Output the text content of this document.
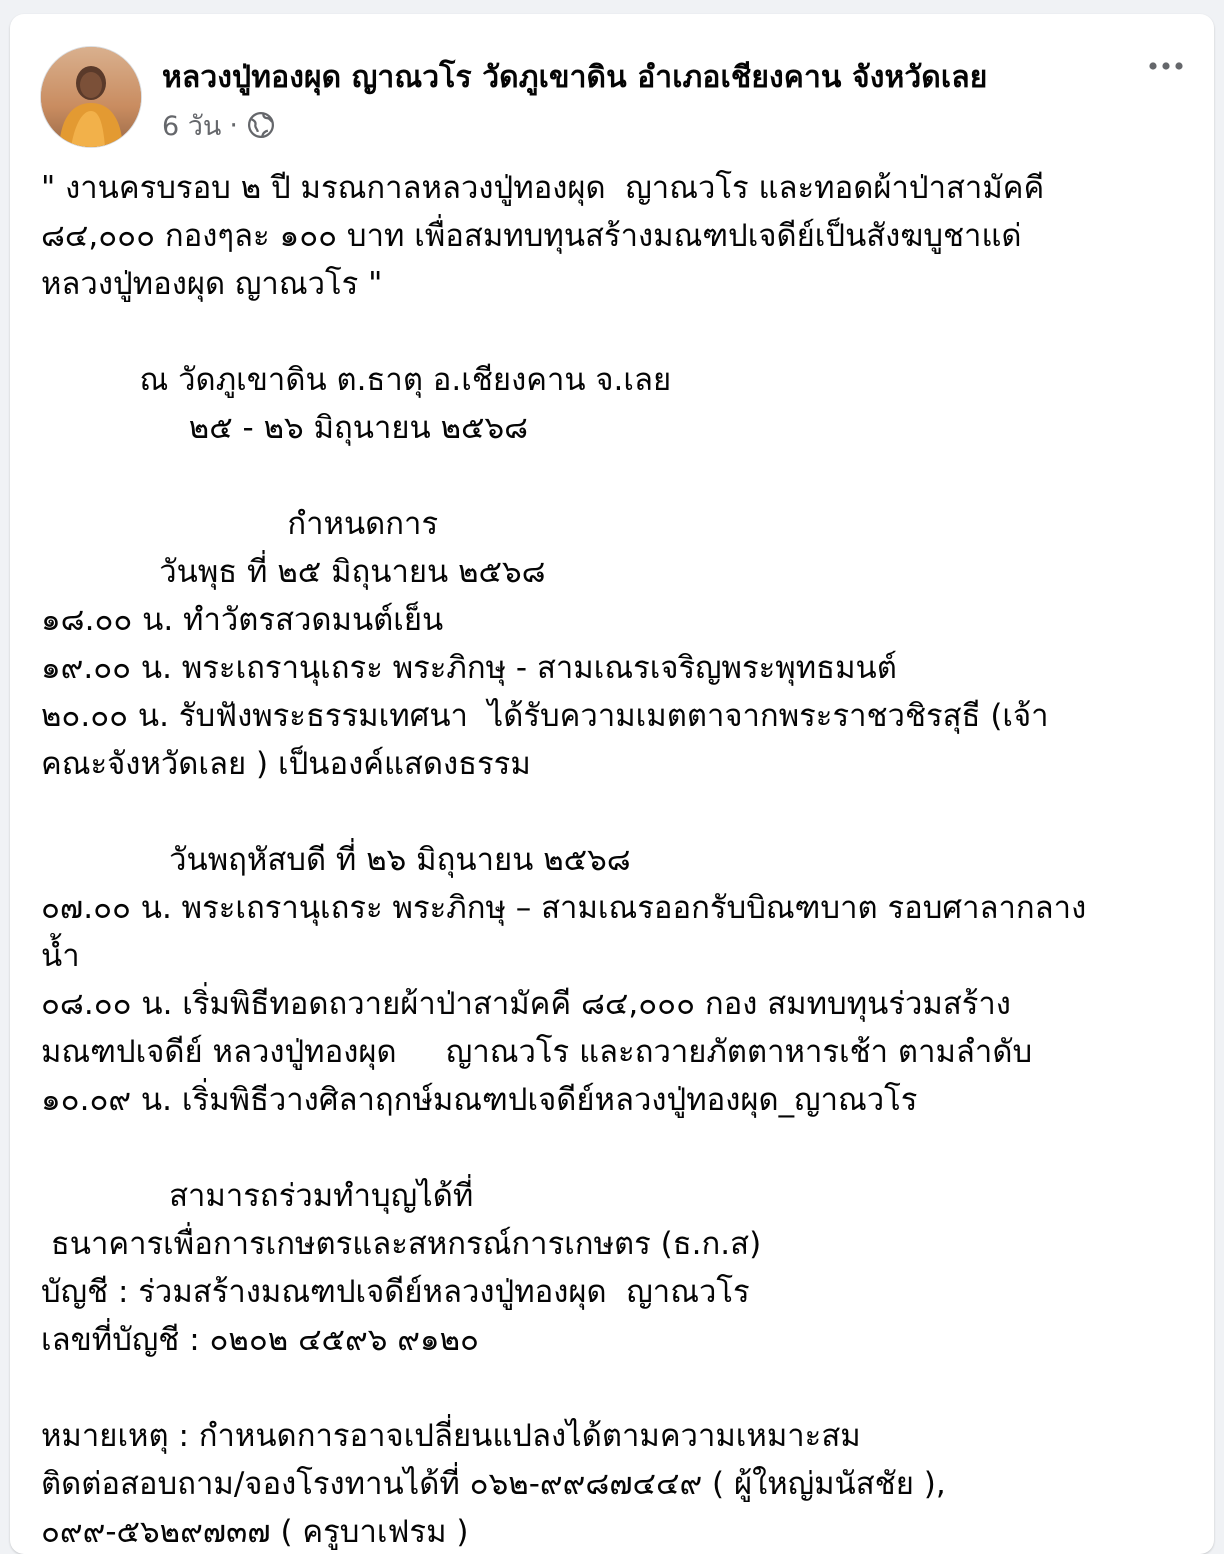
หลวงปู่ทองผุด ญาณวโร วัดภูเขาดิน อำเภอเชียงคาน จังหวัดเลย
6 วัน ·
" งานครบรอบ ๒ ปี มรณกาลหลวงปู่ทองผุด  ญาณวโร และทอดผ้าป่าสามัคคี
๘๔,๐๐๐ กองๆละ ๑๐๐ บาท เพื่อสมทบทุนสร้างมณฑปเจดีย์เป็นสังฆบูชาแด่
หลวงปู่ทองผุด ญาณวโร "
ณ วัดภูเขาดิน ต.ธาตุ อ.เชียงคาน จ.เลย
๒๕ - ๒๖ มิถุนายน ๒๕๖๘
กำหนดการ
วันพุธ ที่ ๒๕ มิถุนายน ๒๕๖๘
๑๘.๐๐ น. ทำวัตรสวดมนต์เย็น
๑๙.๐๐ น. พระเถรานุเถระ พระภิกษุ - สามเณรเจริญพระพุทธมนต์
๒๐.๐๐ น. รับฟังพระธรรมเทศนา  ได้รับความเมตตาจากพระราชวชิรสุธี (เจ้า
คณะจังหวัดเลย ) เป็นองค์แสดงธรรม
วันพฤหัสบดี ที่ ๒๖ มิถุนายน ๒๕๖๘
๐๗.๐๐ น. พระเถรานุเถระ พระภิกษุ – สามเณรออกรับบิณฑบาต รอบศาลากลาง
น้ำ
๐๘.๐๐ น. เริ่มพิธีทอดถวายผ้าป่าสามัคคี ๘๔,๐๐๐ กอง สมทบทุนร่วมสร้าง
มณฑปเจดีย์ หลวงปู่ทองผุด     ญาณวโร และถวายภัตตาหารเช้า ตามลำดับ
๑๐.๐๙ น. เริ่มพิธีวางศิลาฤกษ์มณฑปเจดีย์หลวงปู่ทองผุด_ญาณวโร
สามารถร่วมทำบุญได้ที่
ธนาคารเพื่อการเกษตรและสหกรณ์การเกษตร (ธ.ก.ส)
บัญชี : ร่วมสร้างมณฑปเจดีย์หลวงปู่ทองผุด  ญาณวโร
เลขที่บัญชี : ๐๒๐๒ ๔๕๙๖ ๙๑๒๐
หมายเหตุ : กำหนดการอาจเปลี่ยนแปลงได้ตามความเหมาะสม
ติดต่อสอบถาม/จองโรงทานได้ที่ ๐๖๒-๙๙๘๗๔๔๙ ( ผู้ใหญ่มนัสชัย ),
๐๙๙-๕๖๒๙๗๓๗ ( ครูบาเฟรม )
